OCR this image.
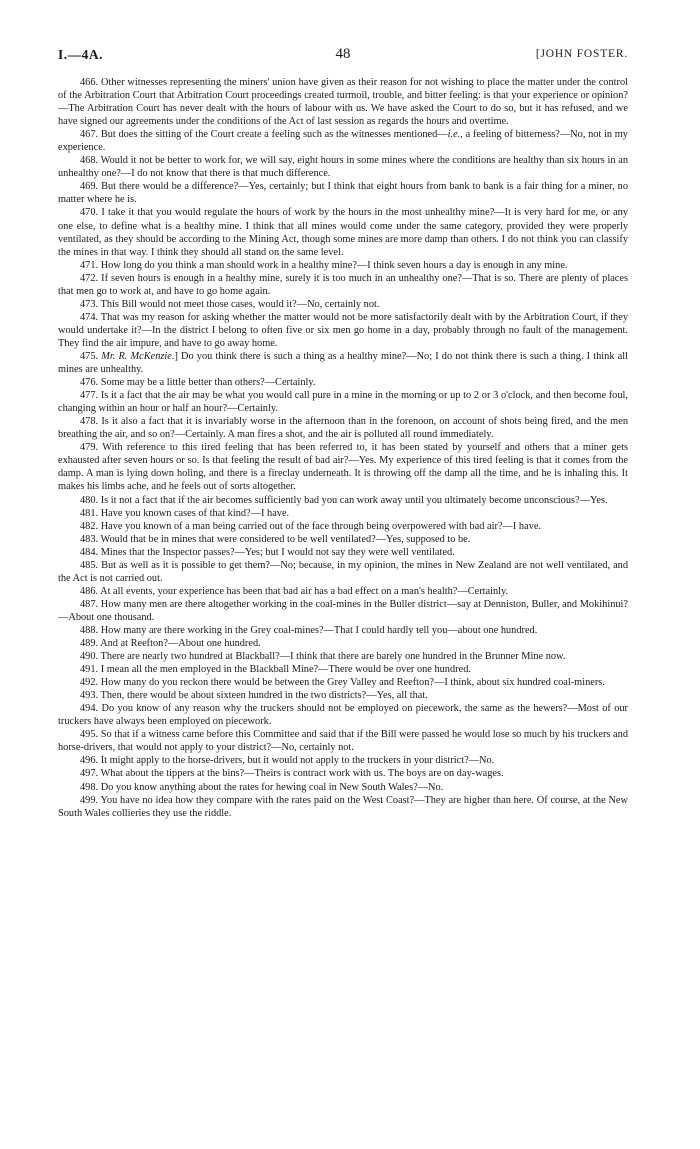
I.—4A.	48	[JOHN FOSTER.

466. Other witnesses representing the miners' union have given as their reason for not wishing to place the matter under the control of the Arbitration Court that Arbitration Court proceedings created turmoil, trouble, and bitter feeling: is that your experience or opinion?—The Arbitration Court has never dealt with the hours of labour with us. We have asked the Court to do so, but it has refused, and we have signed our agreements under the conditions of the Act of last session as regards the hours and overtime.

467. But does the sitting of the Court create a feeling such as the witnesses mentioned—i.e., a feeling of bitterness?—No, not in my experience.

468. Would it not be better to work for, we will say, eight hours in some mines where the conditions are healthy than six hours in an unhealthy one?—I do not know that there is that much difference.

469. But there would be a difference?—Yes, certainly; but I think that eight hours from bank to bank is a fair thing for a miner, no matter where he is.

470. I take it that you would regulate the hours of work by the hours in the most unhealthy mine?—It is very hard for me, or any one else, to define what is a healthy mine. I think that all mines would come under the same category, provided they were properly ventilated, as they should be according to the Mining Act, though some mines are more damp than others. I do not think you can classify the mines in that way. I think they should all stand on the same level.

471. How long do you think a man should work in a healthy mine?—I think seven hours a day is enough in any mine.

472. If seven hours is enough in a healthy mine, surely it is too much in an unhealthy one?—That is so. There are plenty of places that men go to work at, and have to go home again.

473. This Bill would not meet those cases, would it?—No, certainly not.

474. That was my reason for asking whether the matter would not be more satisfactorily dealt with by the Arbitration Court, if they would undertake it?—In the district I belong to often five or six men go home in a day, probably through no fault of the management. They find the air impure, and have to go away home.

475. Mr. R. McKenzie.] Do you think there is such a thing as a healthy mine?—No; I do not think there is such a thing. I think all mines are unhealthy.

476. Some may be a little better than others?—Certainly.

477. Is it a fact that the air may be what you would call pure in a mine in the morning or up to 2 or 3 o'clock, and then become foul, changing within an hour or half an hour?—Certainly.

478. Is it also a fact that it is invariably worse in the afternoon than in the forenoon, on account of shots being fired, and the men breathing the air, and so on?—Certainly. A man fires a shot, and the air is polluted all round immediately.

479. With reference to this tired feeling that has been referred to, it has been stated by yourself and others that a miner gets exhausted after seven hours or so. Is that feeling the result of bad air?—Yes. My experience of this tired feeling is that it comes from the damp. A man is lying down holing, and there is a fireclay underneath. It is throwing off the damp all the time, and he is inhaling this. It makes his limbs ache, and he feels out of sorts altogether.

480. Is it not a fact that if the air becomes sufficiently bad you can work away until you ultimately become unconscious?—Yes.

481. Have you known cases of that kind?—I have.

482. Have you known of a man being carried out of the face through being overpowered with bad air?—I have.

483. Would that be in mines that were considered to be well ventilated?—Yes, supposed to be.

484. Mines that the Inspector passes?—Yes; but I would not say they were well ventilated.

485. But as well as it is possible to get them?—No; because, in my opinion, the mines in New Zealand are not well ventilated, and the Act is not carried out.

486. At all events, your experience has been that bad air has a bad effect on a man's health?—Certainly.

487. How many men are there altogether working in the coal-mines in the Buller district—say at Denniston, Buller, and Mokihinui?—About one thousand.

488. How many are there working in the Grey coal-mines?—That I could hardly tell you—about one hundred.

489. And at Reefton?—About one hundred.

490. There are nearly two hundred at Blackball?—I think that there are barely one hundred in the Brunner Mine now.

491. I mean all the men employed in the Blackball Mine?—There would be over one hundred.

492. How many do you reckon there would be between the Grey Valley and Reefton?—I think, about six hundred coal-miners.

493. Then, there would be about sixteen hundred in the two districts?—Yes, all that.

494. Do you know of any reason why the truckers should not be employed on piecework, the same as the hewers?—Most of our truckers have always been employed on piecework.

495. So that if a witness came before this Committee and said that if the Bill were passed he would lose so much by his truckers and horse-drivers, that would not apply to your district?—No, certainly not.

496. It might apply to the horse-drivers, but it would not apply to the truckers in your district?—No.

497. What about the tippers at the bins?—Theirs is contract work with us. The boys are on day-wages.

498. Do you know anything about the rates for hewing coal in New South Wales?—No.

499. You have no idea how they compare with the rates paid on the West Coast?—They are higher than here. Of course, at the New South Wales collieries they use the riddle.
